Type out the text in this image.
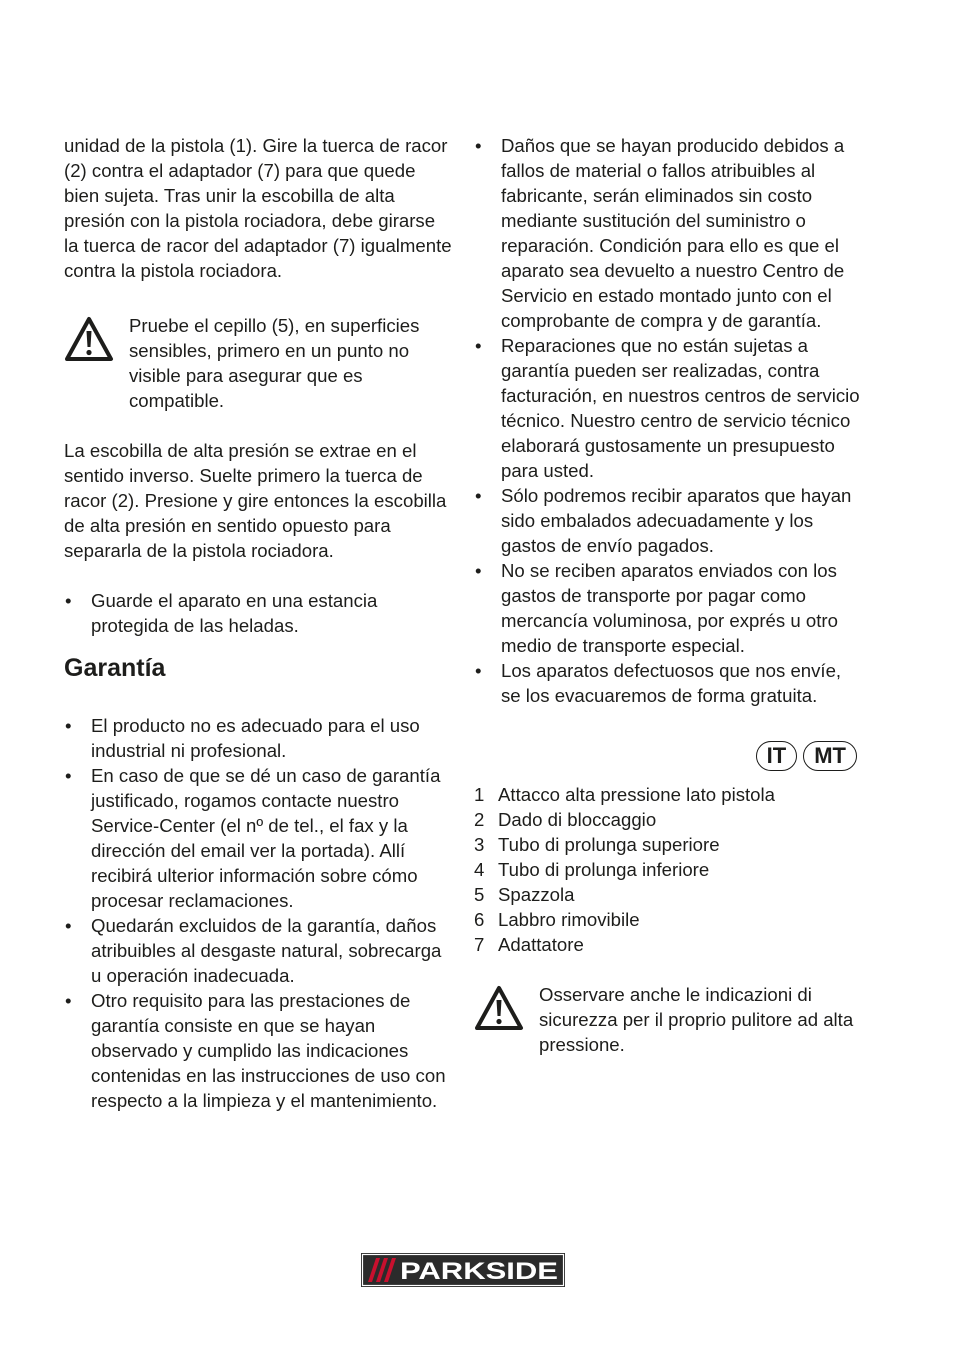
unidad de la pistola (1). Gire la tuerca de racor (2) contra el adaptador (7) para que quede bien sujeta. Tras unir la escobilla de alta presión con la pistola rociadora, debe girarse la tuerca de racor del adaptador (7) igualmente contra la pistola rociadora.

Pruebe el cepillo (5), en superficies sensibles, primero en un punto no visible para asegurar que es compatible.

La escobilla de alta presión se extrae en el sentido inverso. Suelte primero la tuerca de racor (2). Presione y gire entonces la escobilla de alta presión en sentido opuesto para separarla de la pistola rociadora.

• Guarde el aparato en una estancia protegida de las heladas.

Garantía

• El producto no es adecuado para el uso industrial ni profesional.

• En caso de que se dé un caso de garantía justificado, rogamos contacte nuestro Service-Center (el nº de tel., el fax y la dirección del email ver la portada). Allí recibirá ulterior información sobre cómo procesar reclamaciones.

• Quedarán excluidos de la garantía, daños atribuibles al desgaste natural, sobrecarga u operación inadecuada.

• Otro requisito para las prestaciones de garantía consiste en que se hayan observado y cumplido las indicaciones contenidas en las instrucciones de uso con respecto a la limpieza y el mantenimiento.

• Daños que se hayan producido debidos a fallos de material o fallos atribuibles al fabricante, serán eliminados sin costo mediante sustitución del suministro o reparación. Condición para ello es que el aparato sea devuelto a nuestro Centro de Servicio en estado montado junto con el comprobante de compra y de garantía.

• Reparaciones que no están sujetas a garantía pueden ser realizadas, contra facturación, en nuestros centros de servicio técnico. Nuestro centro de servicio técnico elaborará gustosamente un presupuesto para usted.

• Sólo podremos recibir aparatos que hayan sido embalados adecuadamente y los gastos de envío pagados.

• No se reciben aparatos enviados con los gastos de transporte por pagar como mercancía voluminosa, por exprés u otro medio de transporte especial.

• Los aparatos defectuosos que nos envíe, se los evacuaremos de forma gratuita.

IT	MT
1 Attacco alta pressione lato pistola
2 Dado di bloccaggio
3 Tubo di prolunga superiore
4 Tubo di prolunga inferiore
5 Spazzola
6 Labbro rimovibile
7 Adattatore

Osservare anche le indicazioni di sicurezza per il proprio pulitore ad alta pressione.

PARKSIDE
